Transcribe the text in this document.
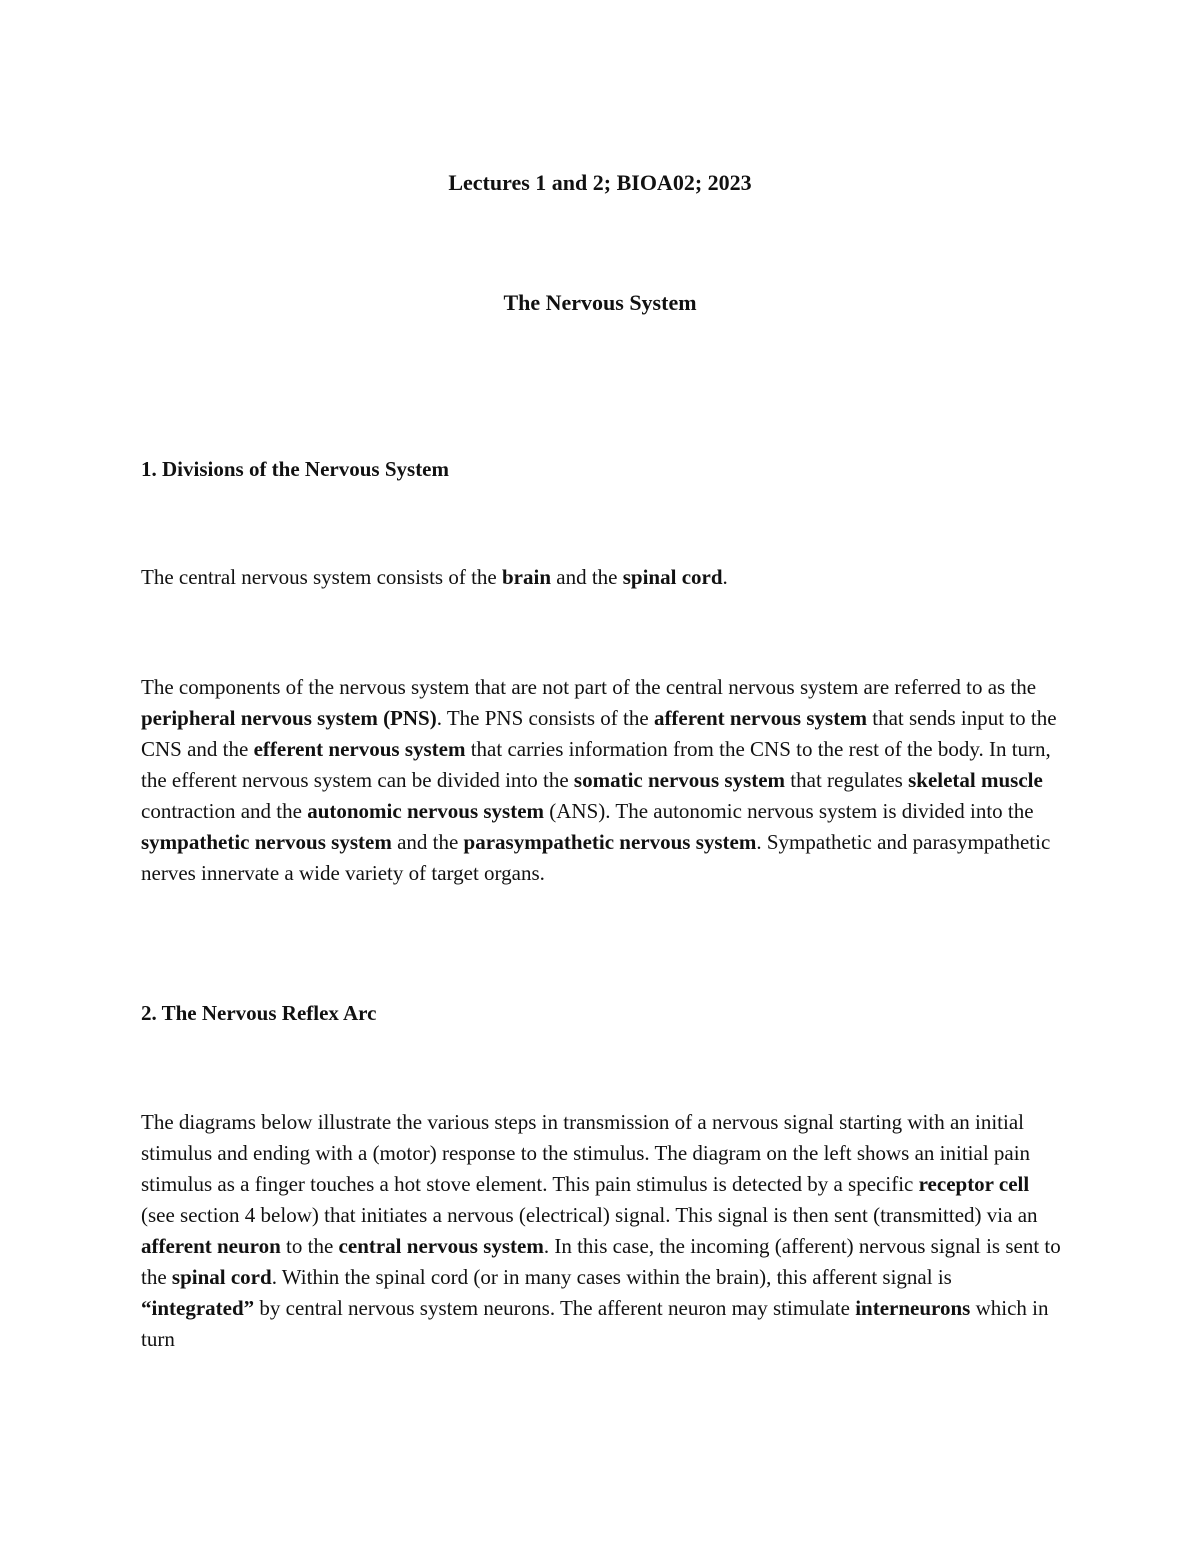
Lectures 1 and 2; BIOA02; 2023
The Nervous System
1. Divisions of the Nervous System

The central nervous system consists of the brain and the spinal cord.

The components of the nervous system that are not part of the central nervous system are referred to as the peripheral nervous system (PNS). The PNS consists of the afferent nervous system that sends input to the CNS and the efferent nervous system that carries information from the CNS to the rest of the body. In turn, the efferent nervous system can be divided into the somatic nervous system that regulates skeletal muscle contraction and the autonomic nervous system (ANS). The autonomic nervous system is divided into the sympathetic nervous system and the parasympathetic nervous system. Sympathetic and parasympathetic nerves innervate a wide variety of target organs.

2. The Nervous Reflex Arc

The diagrams below illustrate the various steps in transmission of a nervous signal starting with an initial stimulus and ending with a (motor) response to the stimulus. The diagram on the left shows an initial pain stimulus as a finger touches a hot stove element. This pain stimulus is detected by a specific receptor cell (see section 4 below) that initiates a nervous (electrical) signal. This signal is then sent (transmitted) via an afferent neuron to the central nervous system. In this case, the incoming (afferent) nervous signal is sent to the spinal cord. Within the spinal cord (or in many cases within the brain), this afferent signal is “integrated” by central nervous system neurons. The afferent neuron may stimulate interneurons which in turn
